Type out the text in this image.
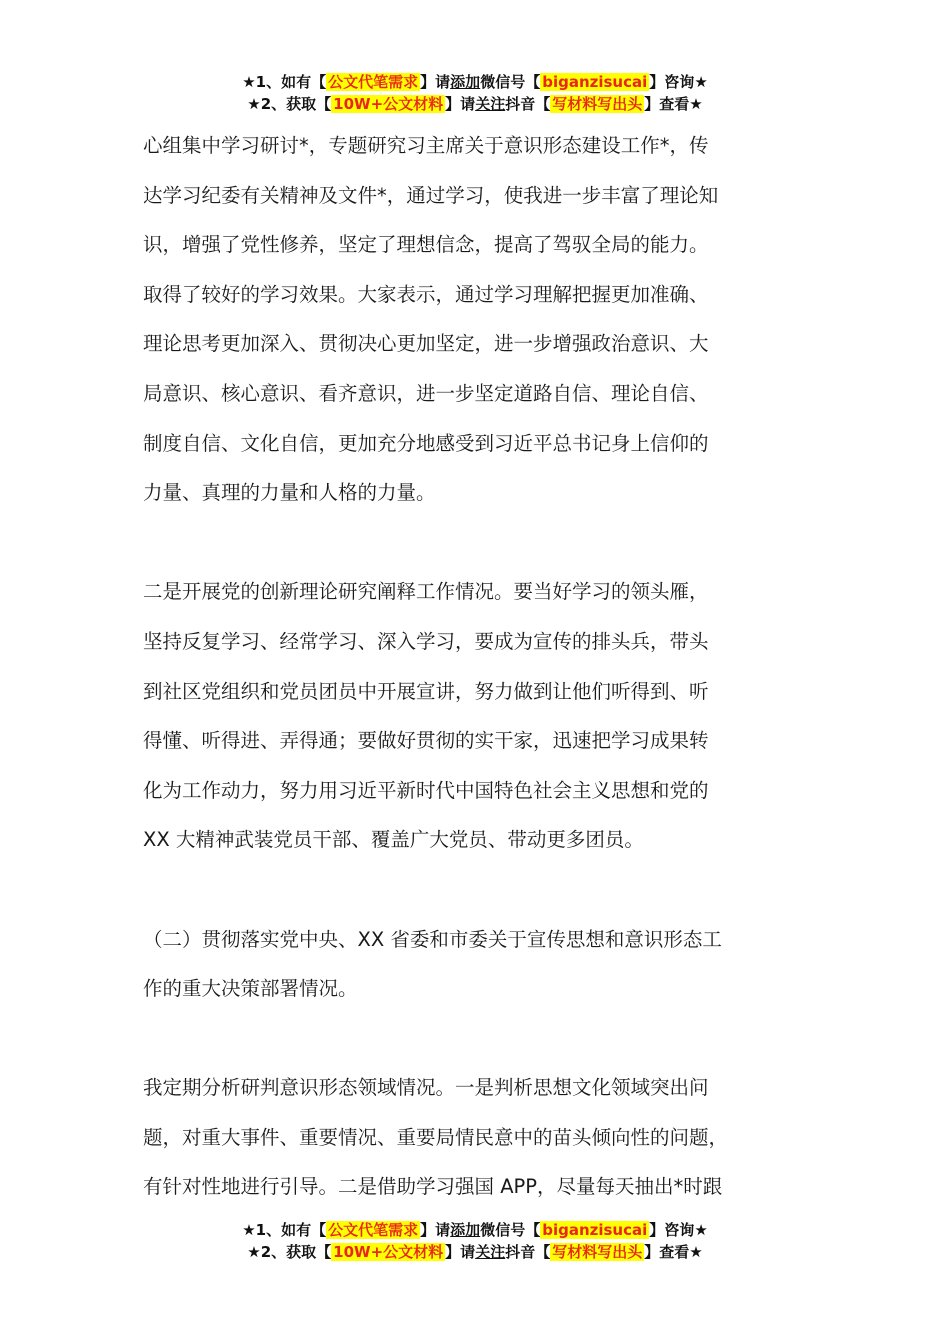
★1、如有【 公文代笔需求 】请添加微信号【 biganzisucai 】咨询★
★2、获取【 10W+公文材料 】请关注抖音【 写材料写出头 】查看★
心组集中学习研讨*，专题研究习主席关于意识形态建设工作*，传
达学习纪委有关精神及文件*，通过学习，使我进一步丰富了理论知
识，增强了党性修养，坚定了理想信念，提高了驾驭全局的能力。
取得了较好的学习效果。大家表示，通过学习理解把握更加准确、
理论思考更加深入、贯彻决心更加坚定，进一步增强政治意识、大
局意识、核心意识、看齐意识，进一步坚定道路自信、理论自信、
制度自信、文化自信，更加充分地感受到习近平总书记身上信仰的
力量、真理的力量和人格的力量。
二是开展党的创新理论研究阐释工作情况。要当好学习的领头雁，
坚持反复学习、经常学习、深入学习，要成为宣传的排头兵，带头
到社区党组织和党员团员中开展宣讲，努力做到让他们听得到、听
得懂、听得进、弄得通；要做好贯彻的实干家，迅速把学习成果转
化为工作动力，努力用习近平新时代中国特色社会主义思想和党的
XX 大精神武装党员干部、覆盖广大党员、带动更多团员。
（二）贯彻落实党中央、XX 省委和市委关于宣传思想和意识形态工
作的重大决策部署情况。
我定期分析研判意识形态领域情况。一是判析思想文化领域突出问
题，对重大事件、重要情况、重要局情民意中的苗头倾向性的问题，
有针对性地进行引导。二是借助学习强国 APP，尽量每天抽出*时跟
★1、如有【 公文代笔需求 】请添加微信号【 biganzisucai 】咨询★
★2、获取【 10W+公文材料 】请关注抖音【 写材料写出头 】查看★
